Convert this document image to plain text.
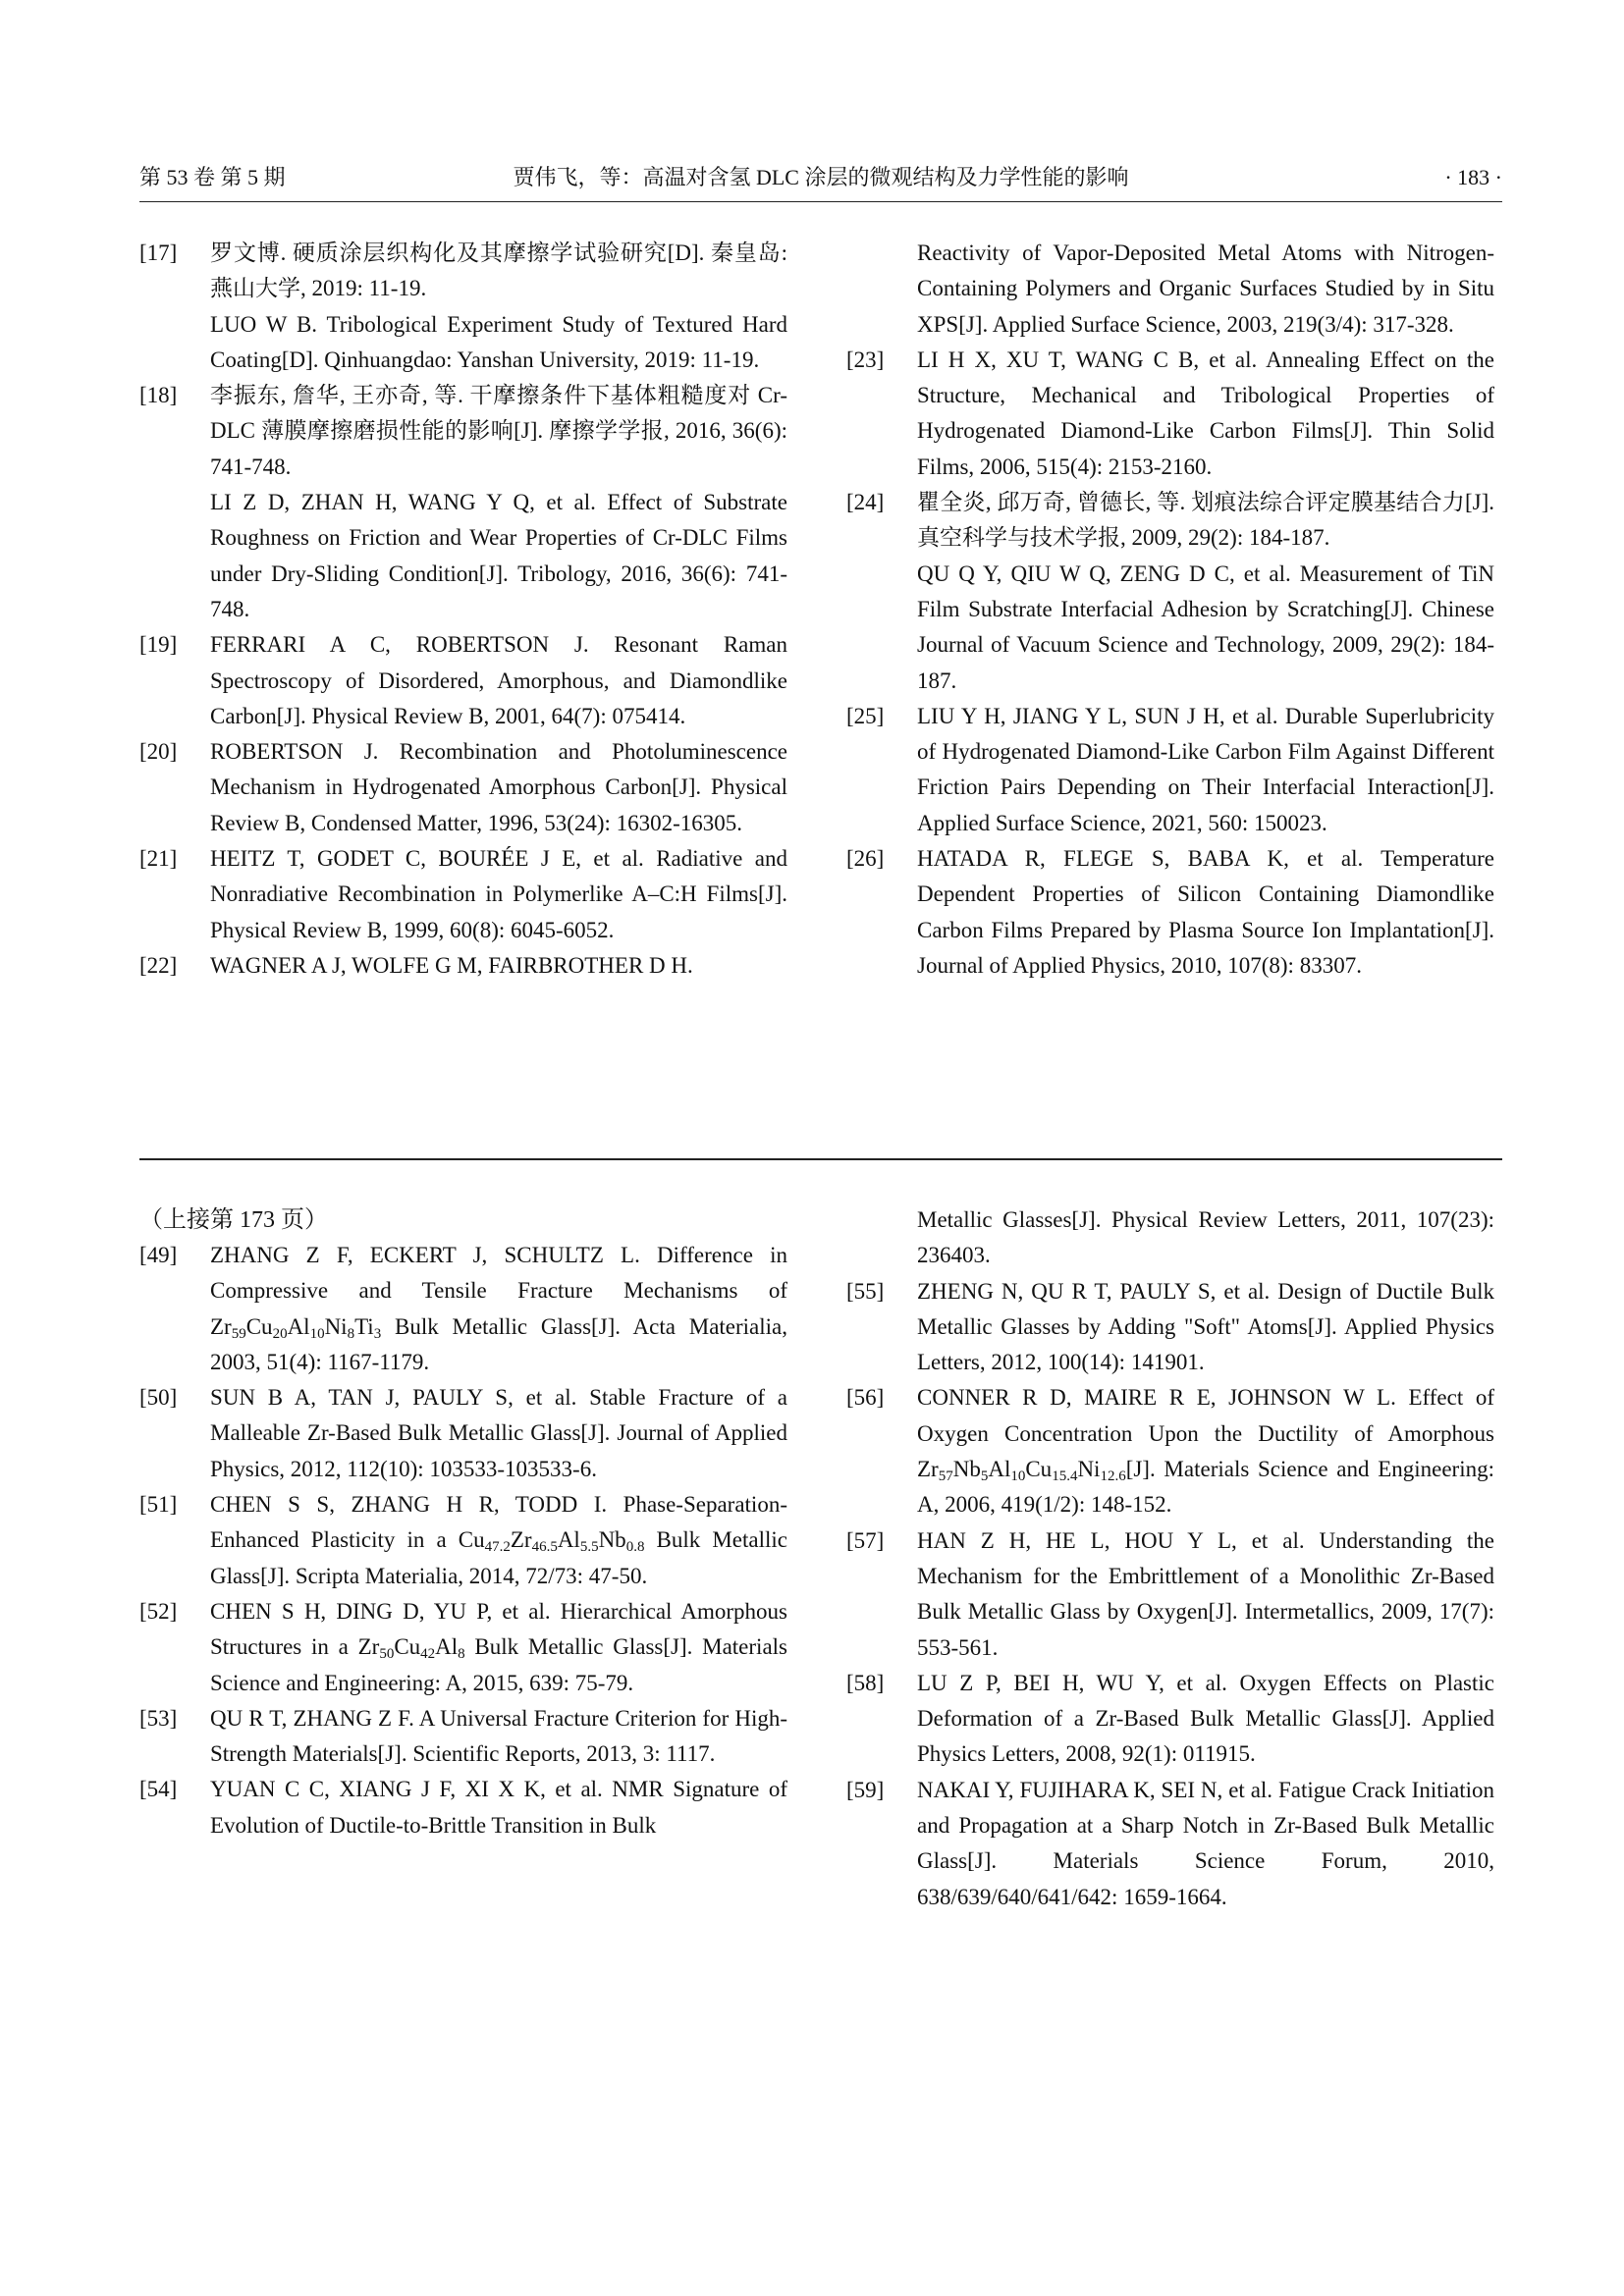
第 53 卷 第 5 期	贾伟飞，等：高温对含氢 DLC 涂层的微观结构及力学性能的影响	· 183 ·
[17] 罗文博. 硬质涂层织构化及其摩擦学试验研究[D]. 秦皇岛: 燕山大学, 2019: 11-19.
LUO W B. Tribological Experiment Study of Textured Hard Coating[D]. Qinhuangdao: Yanshan University, 2019: 11-19.
[18] 李振东, 詹华, 王亦奇, 等. 干摩擦条件下基体粗糙度对 Cr-DLC 薄膜摩擦磨损性能的影响[J]. 摩擦学学报, 2016, 36(6): 741-748.
LI Z D, ZHAN H, WANG Y Q, et al. Effect of Substrate Roughness on Friction and Wear Properties of Cr-DLC Films under Dry-Sliding Condition[J]. Tribology, 2016, 36(6): 741-748.
[19] FERRARI A C, ROBERTSON J. Resonant Raman Spectroscopy of Disordered, Amorphous, and Diamondlike Carbon[J]. Physical Review B, 2001, 64(7): 075414.
[20] ROBERTSON J. Recombination and Photoluminescence Mechanism in Hydrogenated Amorphous Carbon[J]. Physical Review B, Condensed Matter, 1996, 53(24): 16302-16305.
[21] HEITZ T, GODET C, BOURÉE J E, et al. Radiative and Nonradiative Recombination in Polymerlike A–C:H Films[J]. Physical Review B, 1999, 60(8): 6045-6052.
[22] WAGNER A J, WOLFE G M, FAIRBROTHER D H.
Reactivity of Vapor-Deposited Metal Atoms with Nitrogen-Containing Polymers and Organic Surfaces Studied by in Situ XPS[J]. Applied Surface Science, 2003, 219(3/4): 317-328.
[23] LI H X, XU T, WANG C B, et al. Annealing Effect on the Structure, Mechanical and Tribological Properties of Hydrogenated Diamond-Like Carbon Films[J]. Thin Solid Films, 2006, 515(4): 2153-2160.
[24] 瞿全炎, 邱万奇, 曾德长, 等. 划痕法综合评定膜基结合力[J]. 真空科学与技术学报, 2009, 29(2): 184-187.
QU Q Y, QIU W Q, ZENG D C, et al. Measurement of TiN Film Substrate Interfacial Adhesion by Scratching[J]. Chinese Journal of Vacuum Science and Technology, 2009, 29(2): 184-187.
[25] LIU Y H, JIANG Y L, SUN J H, et al. Durable Superlubricity of Hydrogenated Diamond-Like Carbon Film Against Different Friction Pairs Depending on Their Interfacial Interaction[J]. Applied Surface Science, 2021, 560: 150023.
[26] HATADA R, FLEGE S, BABA K, et al. Temperature Dependent Properties of Silicon Containing Diamondlike Carbon Films Prepared by Plasma Source Ion Implantation[J]. Journal of Applied Physics, 2010, 107(8): 83307.
（上接第 173 页）
[49] ZHANG Z F, ECKERT J, SCHULTZ L. Difference in Compressive and Tensile Fracture Mechanisms of $Zr_{59}Cu_{20}Al_{10}Ni_8Ti_3$ Bulk Metallic Glass[J]. Acta Materialia, 2003, 51(4): 1167-1179.
[50] SUN B A, TAN J, PAULY S, et al. Stable Fracture of a Malleable Zr-Based Bulk Metallic Glass[J]. Journal of Applied Physics, 2012, 112(10): 103533-103533-6.
[51] CHEN S S, ZHANG H R, TODD I. Phase-Separation-Enhanced Plasticity in a $Cu_{47.2}Zr_{46.5}Al_{5.5}Nb_{0.8}$ Bulk Metallic Glass[J]. Scripta Materialia, 2014, 72/73: 47-50.
[52] CHEN S H, DING D, YU P, et al. Hierarchical Amorphous Structures in a $Zr_{50}Cu_{42}Al_8$ Bulk Metallic Glass[J]. Materials Science and Engineering: A, 2015, 639: 75-79.
[53] QU R T, ZHANG Z F. A Universal Fracture Criterion for High-Strength Materials[J]. Scientific Reports, 2013, 3: 1117.
[54] YUAN C C, XIANG J F, XI X K, et al. NMR Signature of Evolution of Ductile-to-Brittle Transition in Bulk
Metallic Glasses[J]. Physical Review Letters, 2011, 107(23): 236403.
[55] ZHENG N, QU R T, PAULY S, et al. Design of Ductile Bulk Metallic Glasses by Adding "Soft" Atoms[J]. Applied Physics Letters, 2012, 100(14): 141901.
[56] CONNER R D, MAIRE R E, JOHNSON W L. Effect of Oxygen Concentration Upon the Ductility of Amorphous $Zr_{57}Nb_5Al_{10}Cu_{15.4}Ni_{12.6}[J]$. Materials Science and Engineering: A, 2006, 419(1/2): 148-152.
[57] HAN Z H, HE L, HOU Y L, et al. Understanding the Mechanism for the Embrittlement of a Monolithic Zr-Based Bulk Metallic Glass by Oxygen[J]. Intermetallics, 2009, 17(7): 553-561.
[58] LU Z P, BEI H, WU Y, et al. Oxygen Effects on Plastic Deformation of a Zr-Based Bulk Metallic Glass[J]. Applied Physics Letters, 2008, 92(1): 011915.
[59] NAKAI Y, FUJIHARA K, SEI N, et al. Fatigue Crack Initiation and Propagation at a Sharp Notch in Zr-Based Bulk Metallic Glass[J]. Materials Science Forum, 2010, 638/639/640/641/642: 1659-1664.
